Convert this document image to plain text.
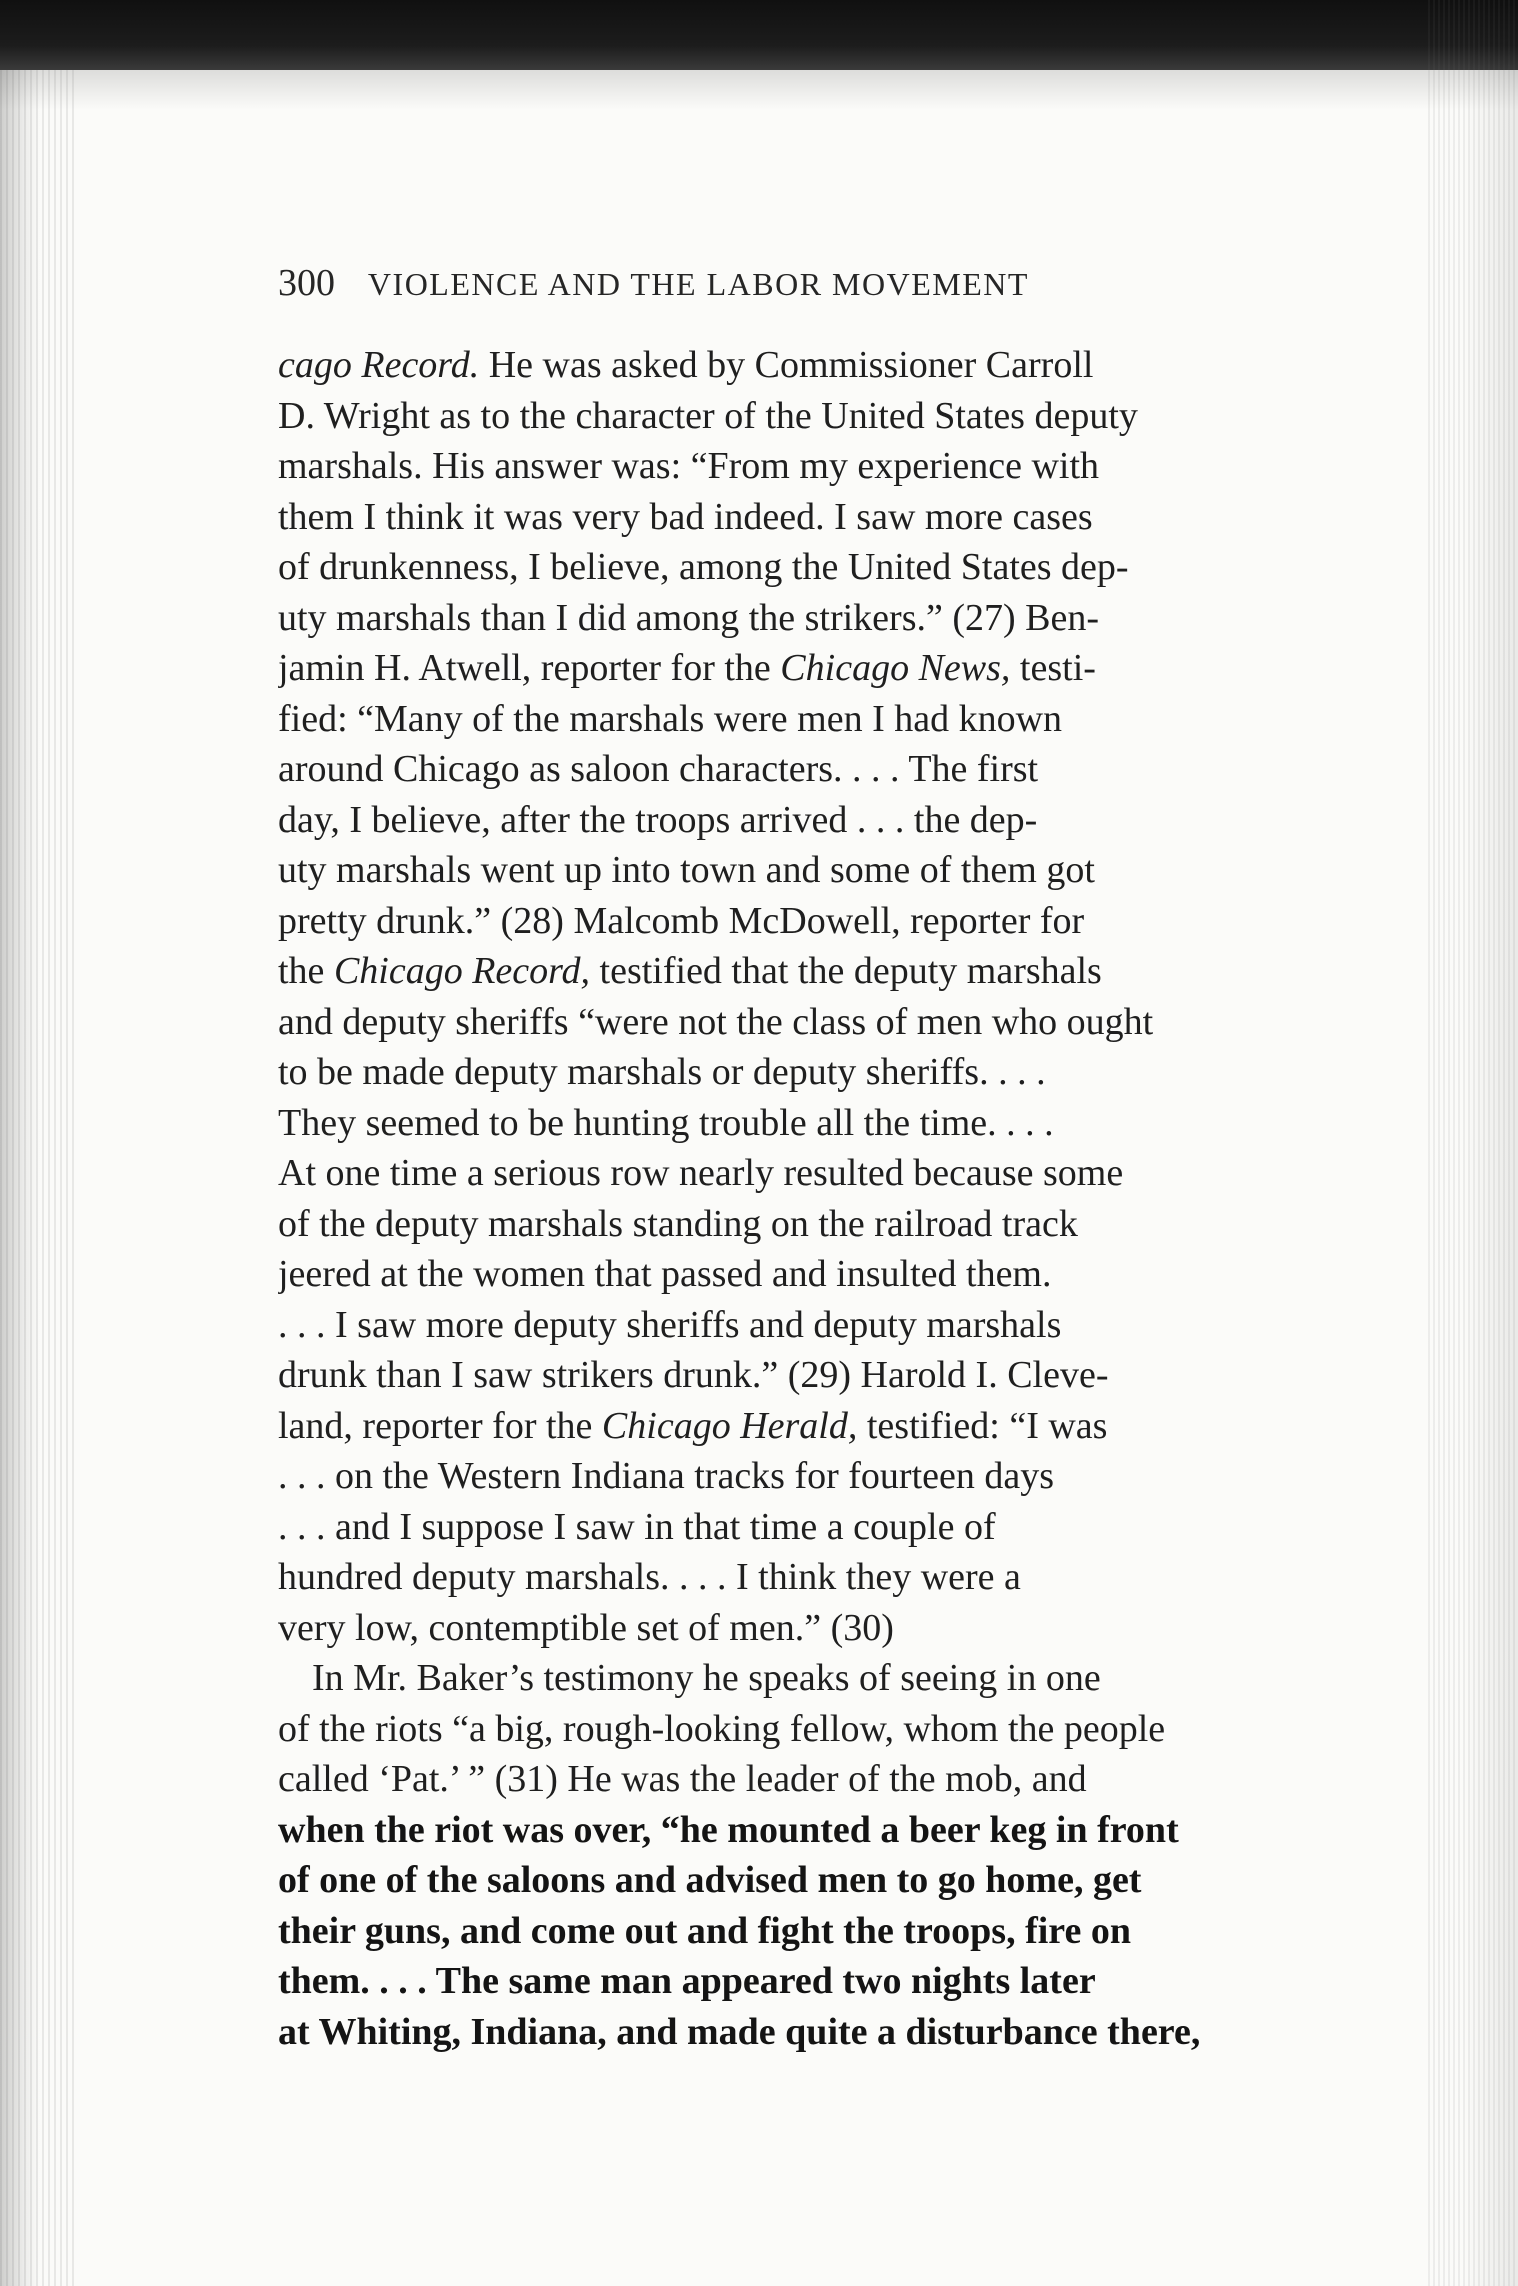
300 VIOLENCE AND THE LABOR MOVEMENT
cago Record. He was asked by Commissioner Carroll
D. Wright as to the character of the United States deputy
marshals. His answer was: “From my experience with
them I think it was very bad indeed. I saw more cases
of drunkenness, I believe, among the United States dep-
uty marshals than I did among the strikers.” (27) Ben-
jamin H. Atwell, reporter for the Chicago News, testi-
fied: “Many of the marshals were men I had known
around Chicago as saloon characters. . . . The first
day, I believe, after the troops arrived . . . the dep-
uty marshals went up into town and some of them got
pretty drunk.” (28) Malcomb McDowell, reporter for
the Chicago Record, testified that the deputy marshals
and deputy sheriffs “were not the class of men who ought
to be made deputy marshals or deputy sheriffs. . . .
They seemed to be hunting trouble all the time. . . .
At one time a serious row nearly resulted because some
of the deputy marshals standing on the railroad track
jeered at the women that passed and insulted them.
. . . I saw more deputy sheriffs and deputy marshals
drunk than I saw strikers drunk.” (29) Harold I. Cleve-
land, reporter for the Chicago Herald, testified: “I was
. . . on the Western Indiana tracks for fourteen days
. . . and I suppose I saw in that time a couple of
hundred deputy marshals. . . . I think they were a
very low, contemptible set of men.” (30)
In Mr. Baker’s testimony he speaks of seeing in one
of the riots “a big, rough-looking fellow, whom the people
called ‘Pat.’ ” (31) He was the leader of the mob, and
when the riot was over, “he mounted a beer keg in front
of one of the saloons and advised men to go home, get
their guns, and come out and fight the troops, fire on
them. . . . The same man appeared two nights later
at Whiting, Indiana, and made quite a disturbance there,
